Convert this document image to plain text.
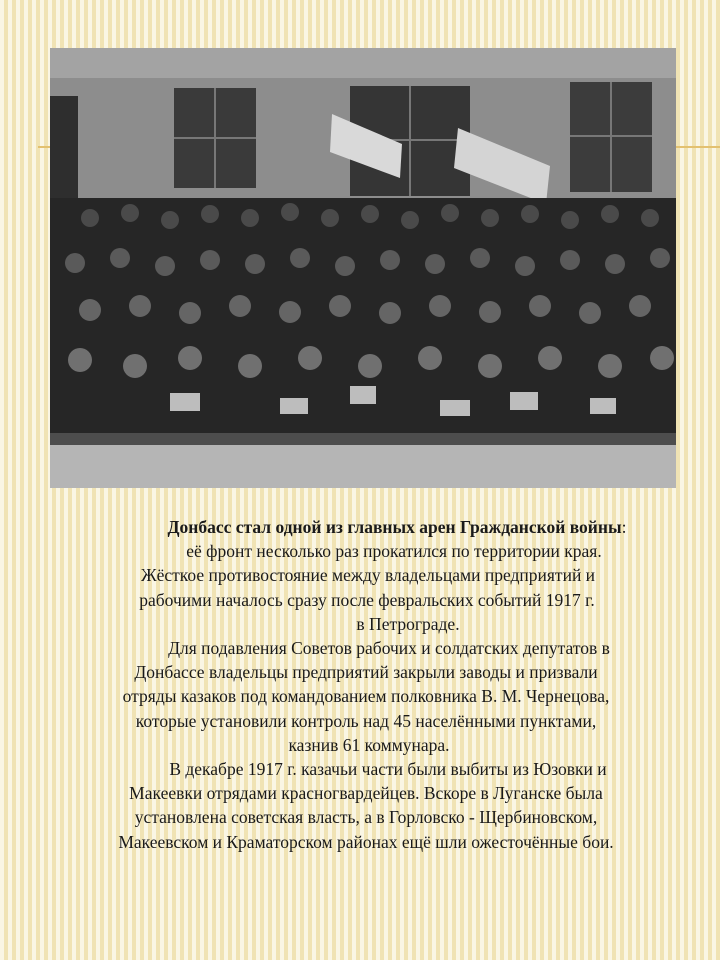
Донбасс стал одной из главных арен Гражданской войны:
её фронт несколько раз прокатился по территории края.
Жёсткое противостояние между владельцами предприятий и
рабочими началось сразу после февральских событий 1917 г.
в Петрограде.
Для подавления Советов рабочих и солдатских депутатов в
Донбассе владельцы предприятий закрыли заводы и призвали
отряды казаков под командованием полковника В. М. Чернецова,
которые установили контроль над 45 населёнными пунктами,
казнив 61 коммунара.
В декабре 1917 г. казачьи части были выбиты из Юзовки и
Макеевки отрядами красногвардейцев. Вскоре в Луганске была
установлена советская власть, а в Горловско - Щербиновском,
Макеевском и Краматорском районах ещё шли ожесточённые бои.
